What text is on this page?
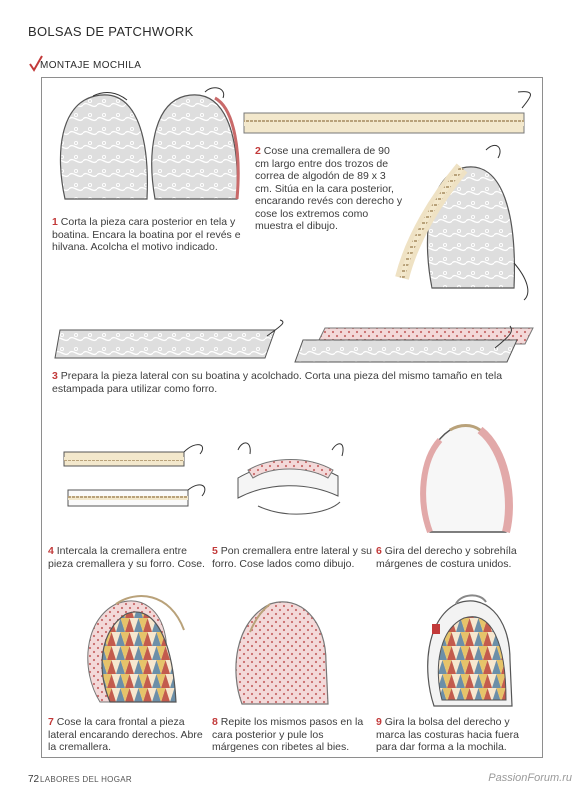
BOLSAS DE PATCHWORK
MONTAJE MOCHILA
1 Corta la pieza cara posterior en tela y boatina. Encara la boatina por el revés e hilvana. Acolcha el motivo indicado.
2 Cose una cremallera de 90 cm largo entre dos trozos de correa de algodón de 89 x 3 cm. Sitúa en la cara posterior, encarando revés con derecho y cose los extremos como muestra el dibujo.
3 Prepara la pieza lateral con su boatina y acolchado. Corta una pieza del mismo tamaño en tela estampada para utilizar como forro.
4 Intercala la cremallera entre pieza cremallera y su forro. Cose.
5 Pon cremallera entre lateral y su forro. Cose lados como dibujo.
6 Gira del derecho y sobrehíla márgenes de costura unidos.
7 Cose la cara frontal a pieza lateral encarando derechos. Abre la cremallera.
8 Repite los mismos pasos en la cara posterior y pule los márgenes con ribetes al bies.
9 Gira la bolsa del derecho y marca las costuras hacia fuera para dar forma a la mochila.
72 LABORES DEL HOGAR	PassionForum.ru
